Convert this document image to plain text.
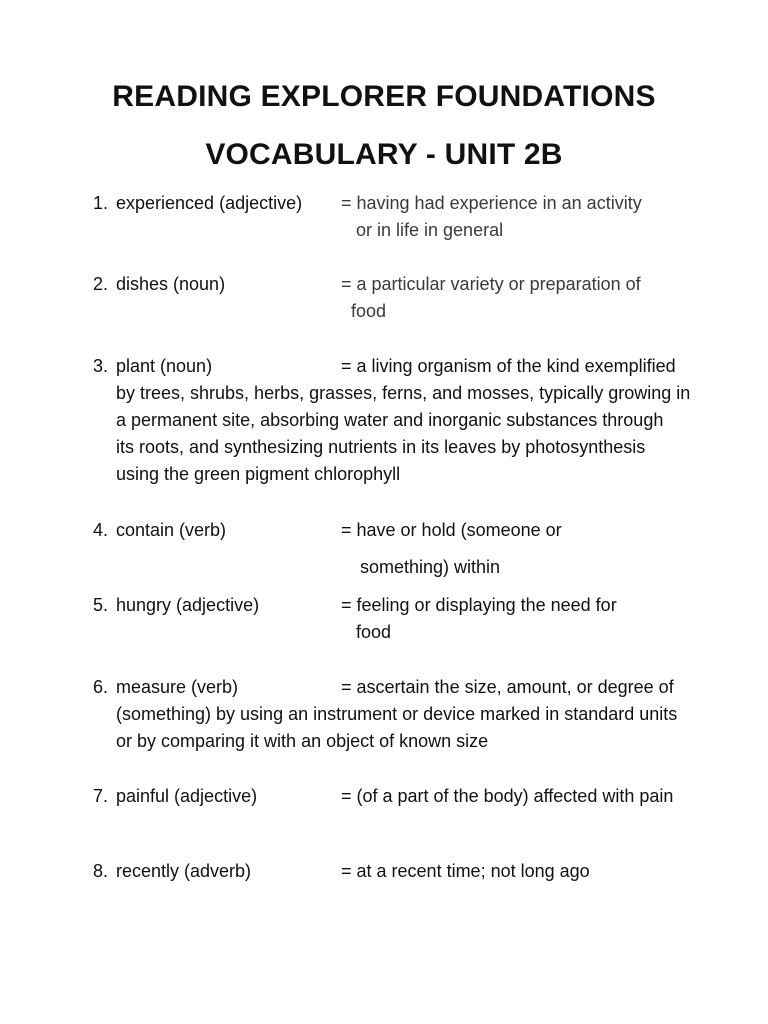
READING EXPLORER FOUNDATIONS
VOCABULARY - UNIT 2B
1. experienced (adjective) = having had experience in an activity
or in life in general
2. dishes (noun)	= a particular variety or preparation of
food
3. plant (noun)	= a living organism of the kind exemplified
by trees, shrubs, herbs, grasses, ferns, and mosses, typically growing in
a permanent site, absorbing water and inorganic substances through
its roots, and synthesizing nutrients in its leaves by photosynthesis
using the green pigment chlorophyll
4. contain (verb)	= have or hold (someone or
something) within
5. hungry (adjective)	= feeling or displaying the need for
food
6. measure (verb)	= ascertain the size, amount, or degree of
(something) by using an instrument or device marked in standard units
or by comparing it with an object of known size
7. painful (adjective)	= (of a part of the body) affected with pain
8. recently (adverb)	= at a recent time; not long ago
